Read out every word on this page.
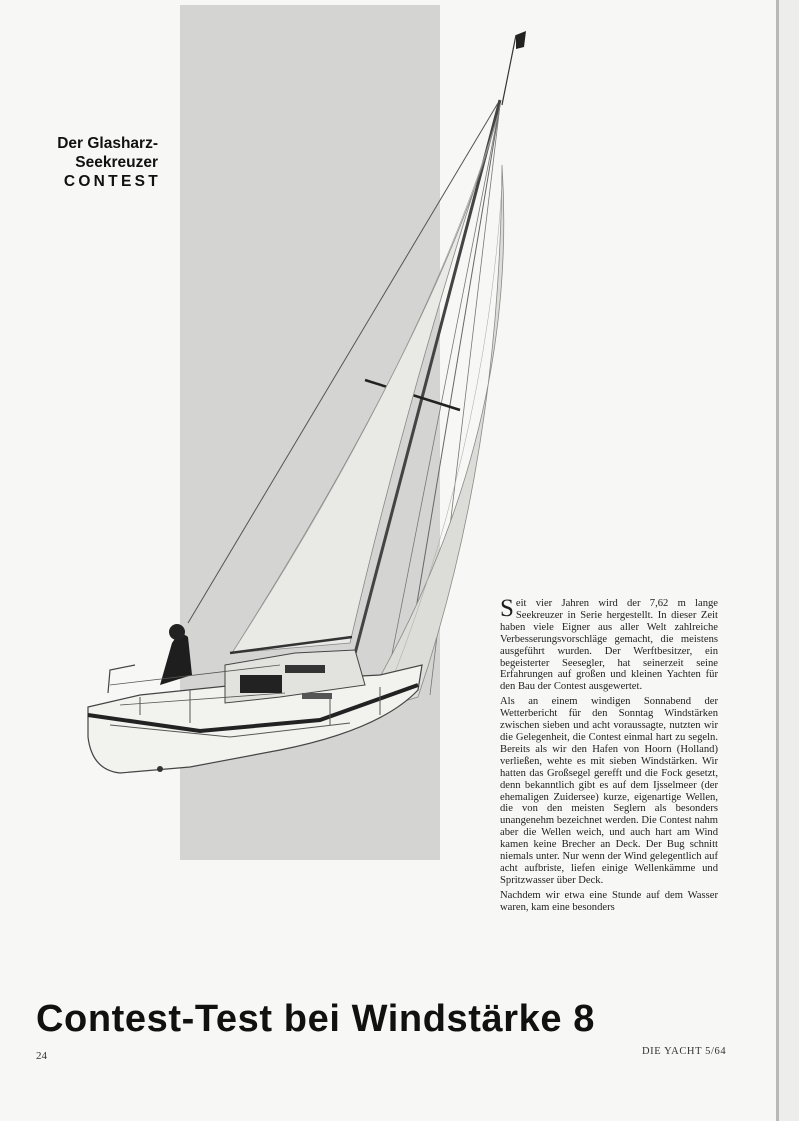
Der Glasharz-
Seekreuzer
CONTEST

Seit vier Jahren wird der 7,62 m lange Seekreuzer in Serie hergestellt. In dieser Zeit haben viele Eigner aus aller Welt zahlreiche Verbesserungsvorschläge gemacht, die meistens ausgeführt wurden. Der Werftbesitzer, ein begeisterter Seesegler, hat seinerzeit seine Erfahrungen auf großen und kleinen Yachten für den Bau der Contest ausgewertet.

Als an einem windigen Sonnabend der Wetterbericht für den Sonntag Windstärken zwischen sieben und acht voraussagte, nutzten wir die Gelegenheit, die Contest einmal hart zu segeln. Bereits als wir den Hafen von Hoorn (Holland) verließen, wehte es mit sieben Windstärken. Wir hatten das Großsegel gerefft und die Fock gesetzt, denn bekanntlich gibt es auf dem Ijsselmeer (der ehemaligen Zuidersee) kurze, eigenartige Wellen, die von den meisten Seglern als besonders unangenehm bezeichnet werden. Die Contest nahm aber die Wellen weich, und auch hart am Wind kamen keine Brecher an Deck. Der Bug schnitt niemals unter. Nur wenn der Wind gelegentlich auf acht aufbriste, liefen einige Wellenkämme und Spritzwasser über Deck.

Nachdem wir etwa eine Stunde auf dem Wasser waren, kam eine besonders

Contest-Test bei Windstärke 8
24	DIE YACHT 5/64
